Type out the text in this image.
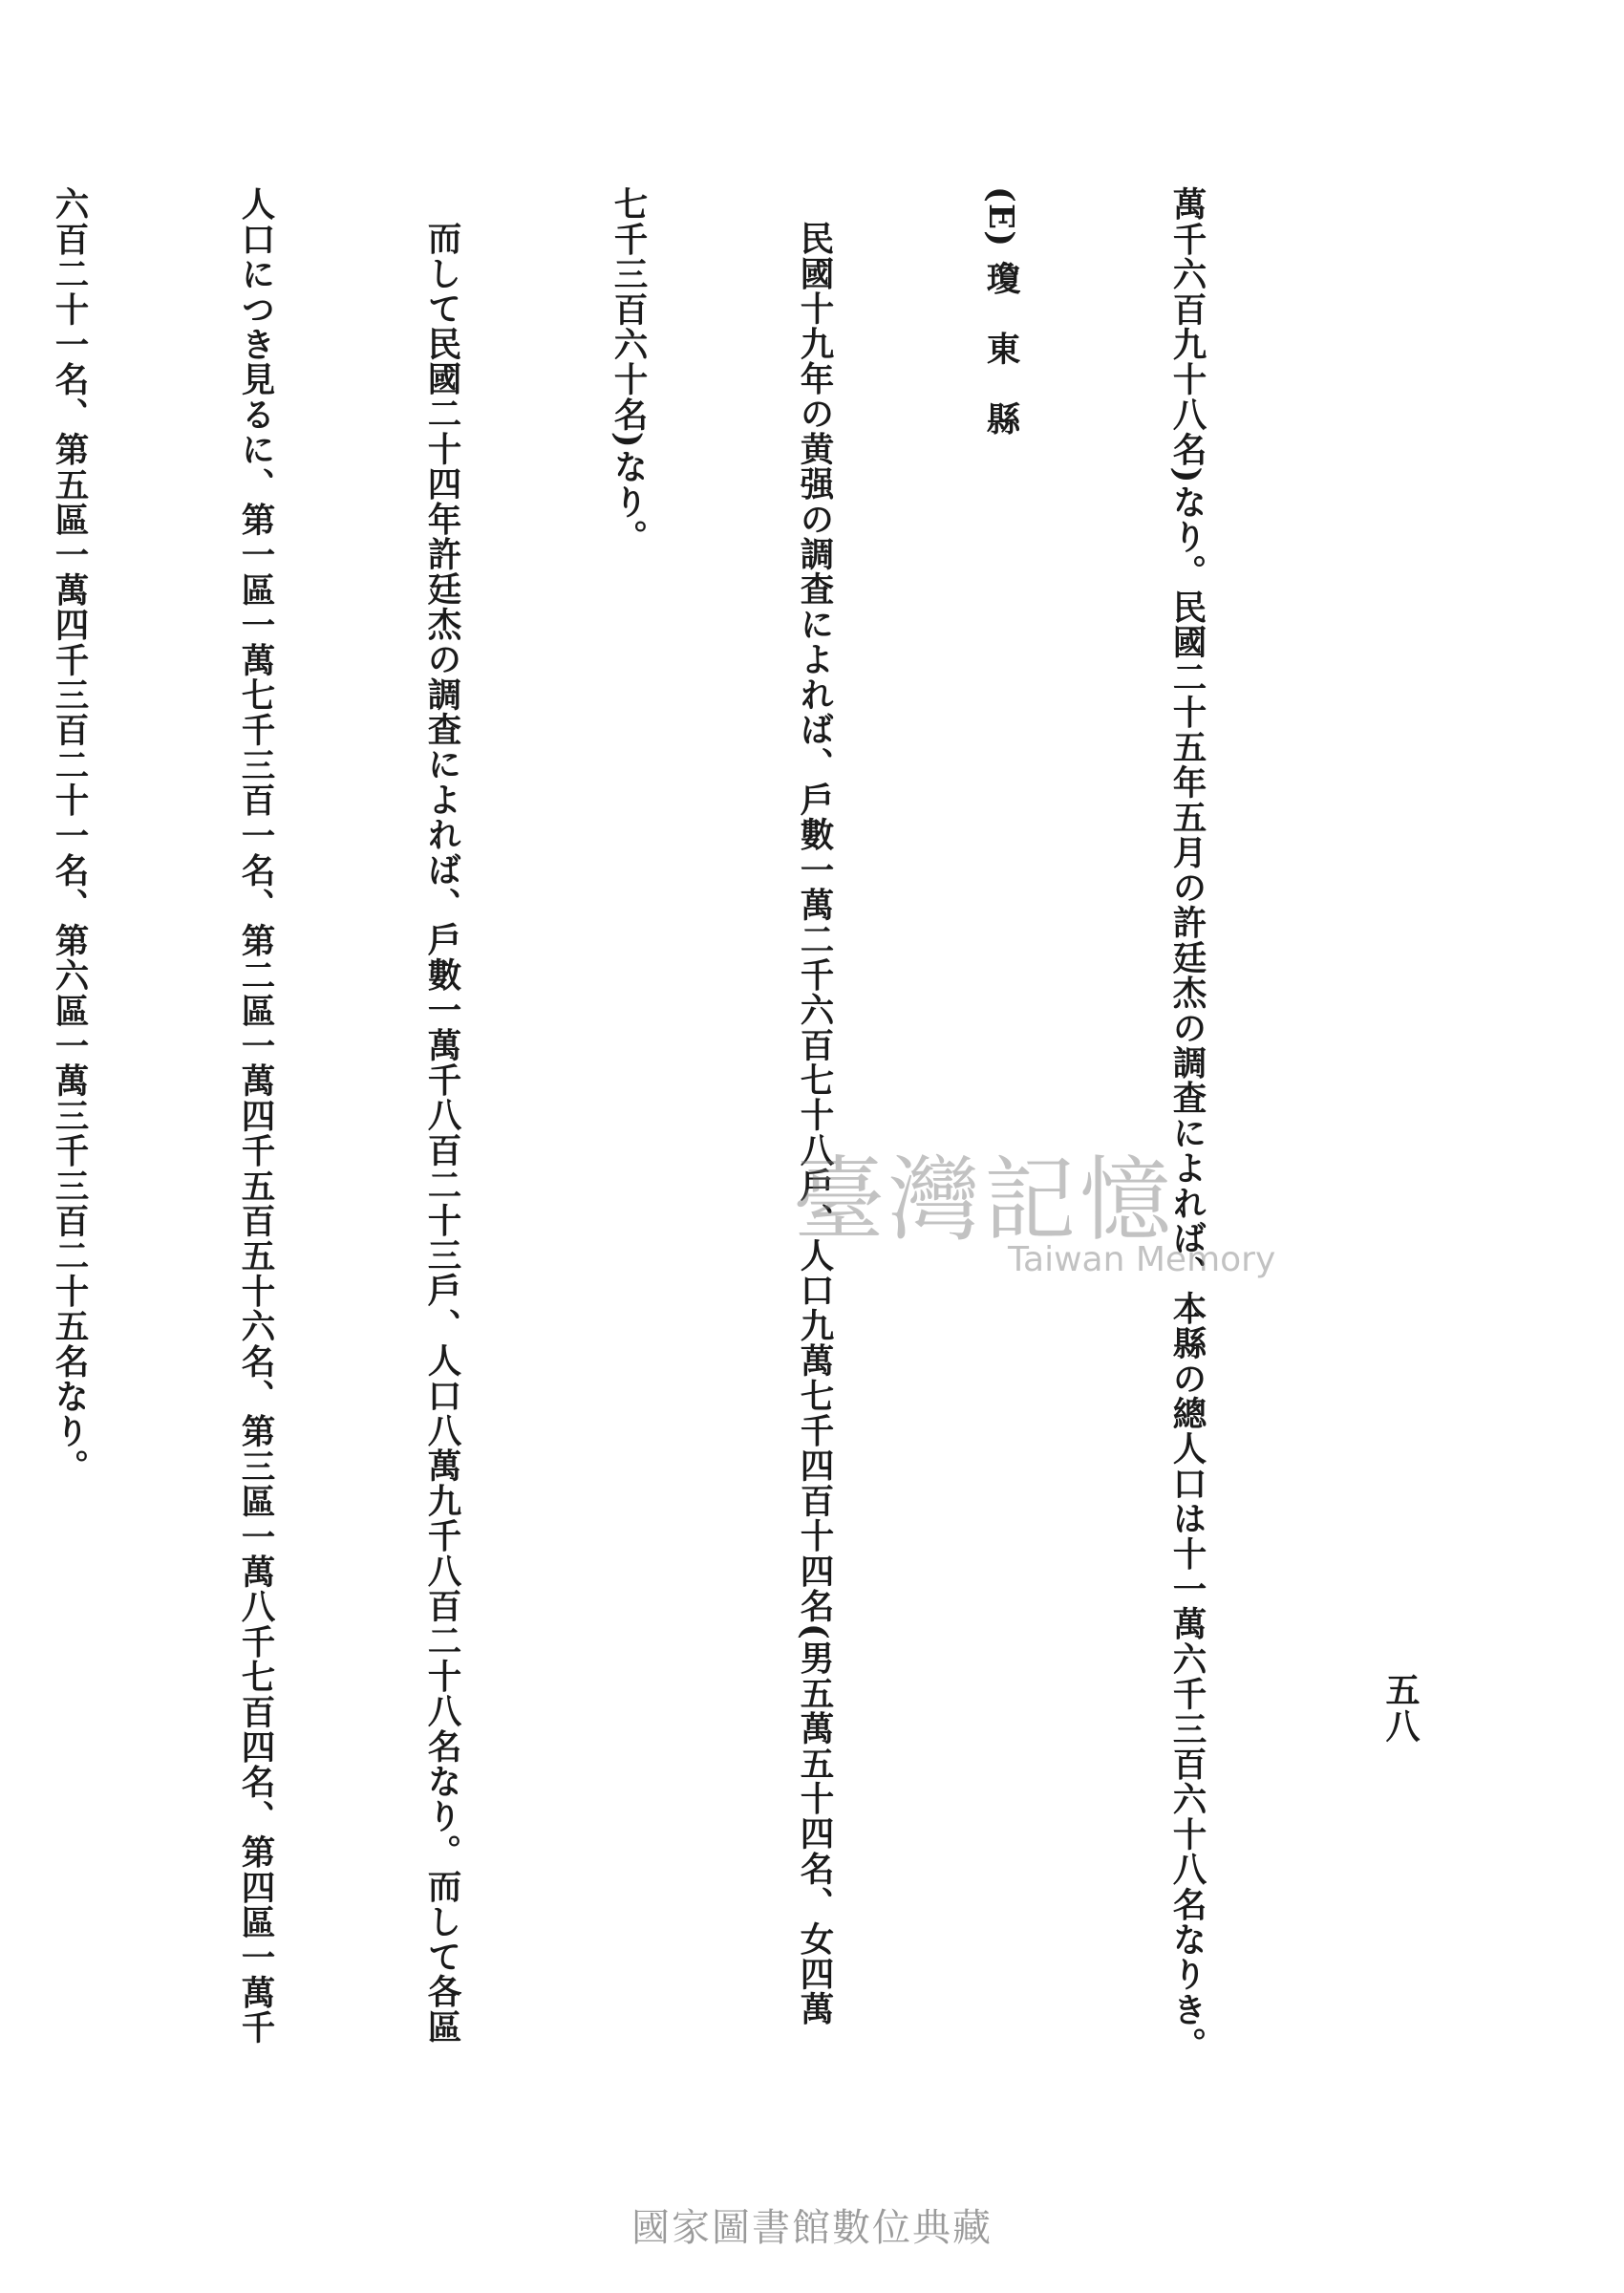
五八

萬千六百九十八名)なり。民國二十五年五月の許廷杰の調査によれば、本縣の總人口は十一萬六千三百六十八名なりき。

(E) 瓊　東　縣

民國十九年の黄强の調査によれば、戶數一萬二千六百七十八戶、人口九萬七千四百十四名(男五萬五十四名、女四萬

七千三百六十名)なり。

而して民國二十四年許廷杰の調査によれば、戶數一萬千八百二十三戶、人口八萬九千八百二十八名なり。而して各區

人口につき見るに、第一區一萬七千三百一名、第二區一萬四千五百五十六名、第三區一萬八千七百四名、第四區一萬千

六百二十一名、第五區一萬四千三百二十一名、第六區一萬三千三百二十五名なり。

	臺灣記憶
Taiwan Memory
國家圖書館數位典藏
